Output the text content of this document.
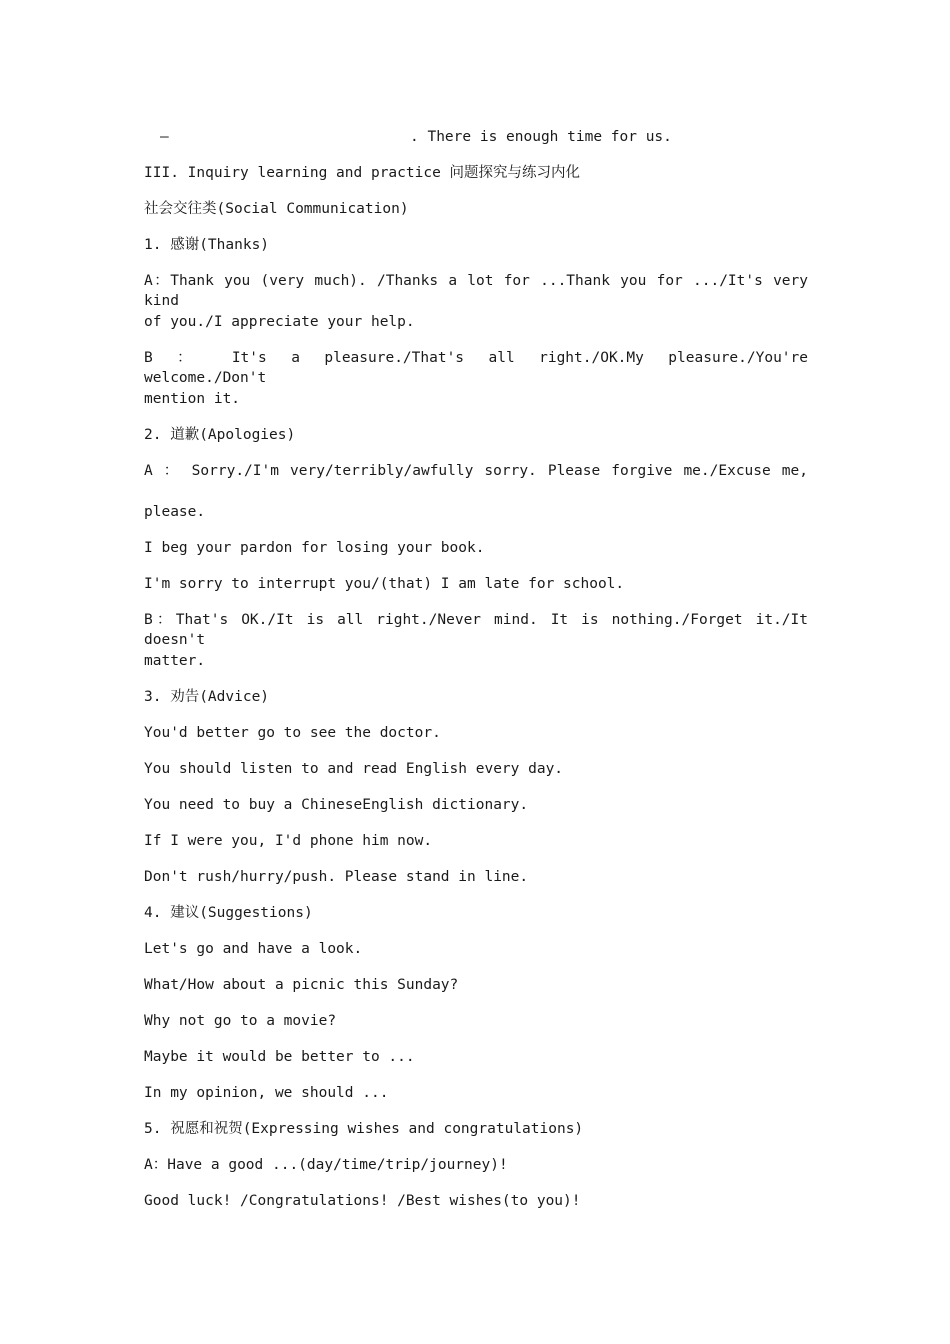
—	. There is enough time for us.
III. Inquiry learning and practice 问题探究与练习内化
社会交往类(Social Communication)
1. 感谢(Thanks)
A：Thank you (very much). /Thanks a lot for ...Thank you for .../It's very kind
of you./I appreciate your help.
B ： It's a pleasure./That's all right./OK.My pleasure./You're welcome./Don't
mention it.
2. 道歉(Apologies)
A ： Sorry./I'm very/terribly/awfully sorry. Please forgive me./Excuse me,
please.
I beg your pardon for losing your book.
I'm sorry to interrupt you/(that) I am late for school.
B：That's OK./It is all right./Never mind. It is nothing./Forget it./It doesn't
matter.
3. 劝告(Advice)
You'd better go to see the doctor.
You should listen to and read English every day.
You need to buy a ChineseEnglish dictionary.
If I were you, I'd phone him now.
Don't rush/hurry/push. Please stand in line.
4. 建议(Suggestions)
Let's go and have a look.
What/How about a picnic this Sunday?
Why not go to a movie?
Maybe it would be better to ...
In my opinion, we should ...
5. 祝愿和祝贺(Expressing wishes and congratulations)
A：Have a good ...(day/time/trip/journey)!
Good luck! /Congratulations! /Best wishes(to you)!
